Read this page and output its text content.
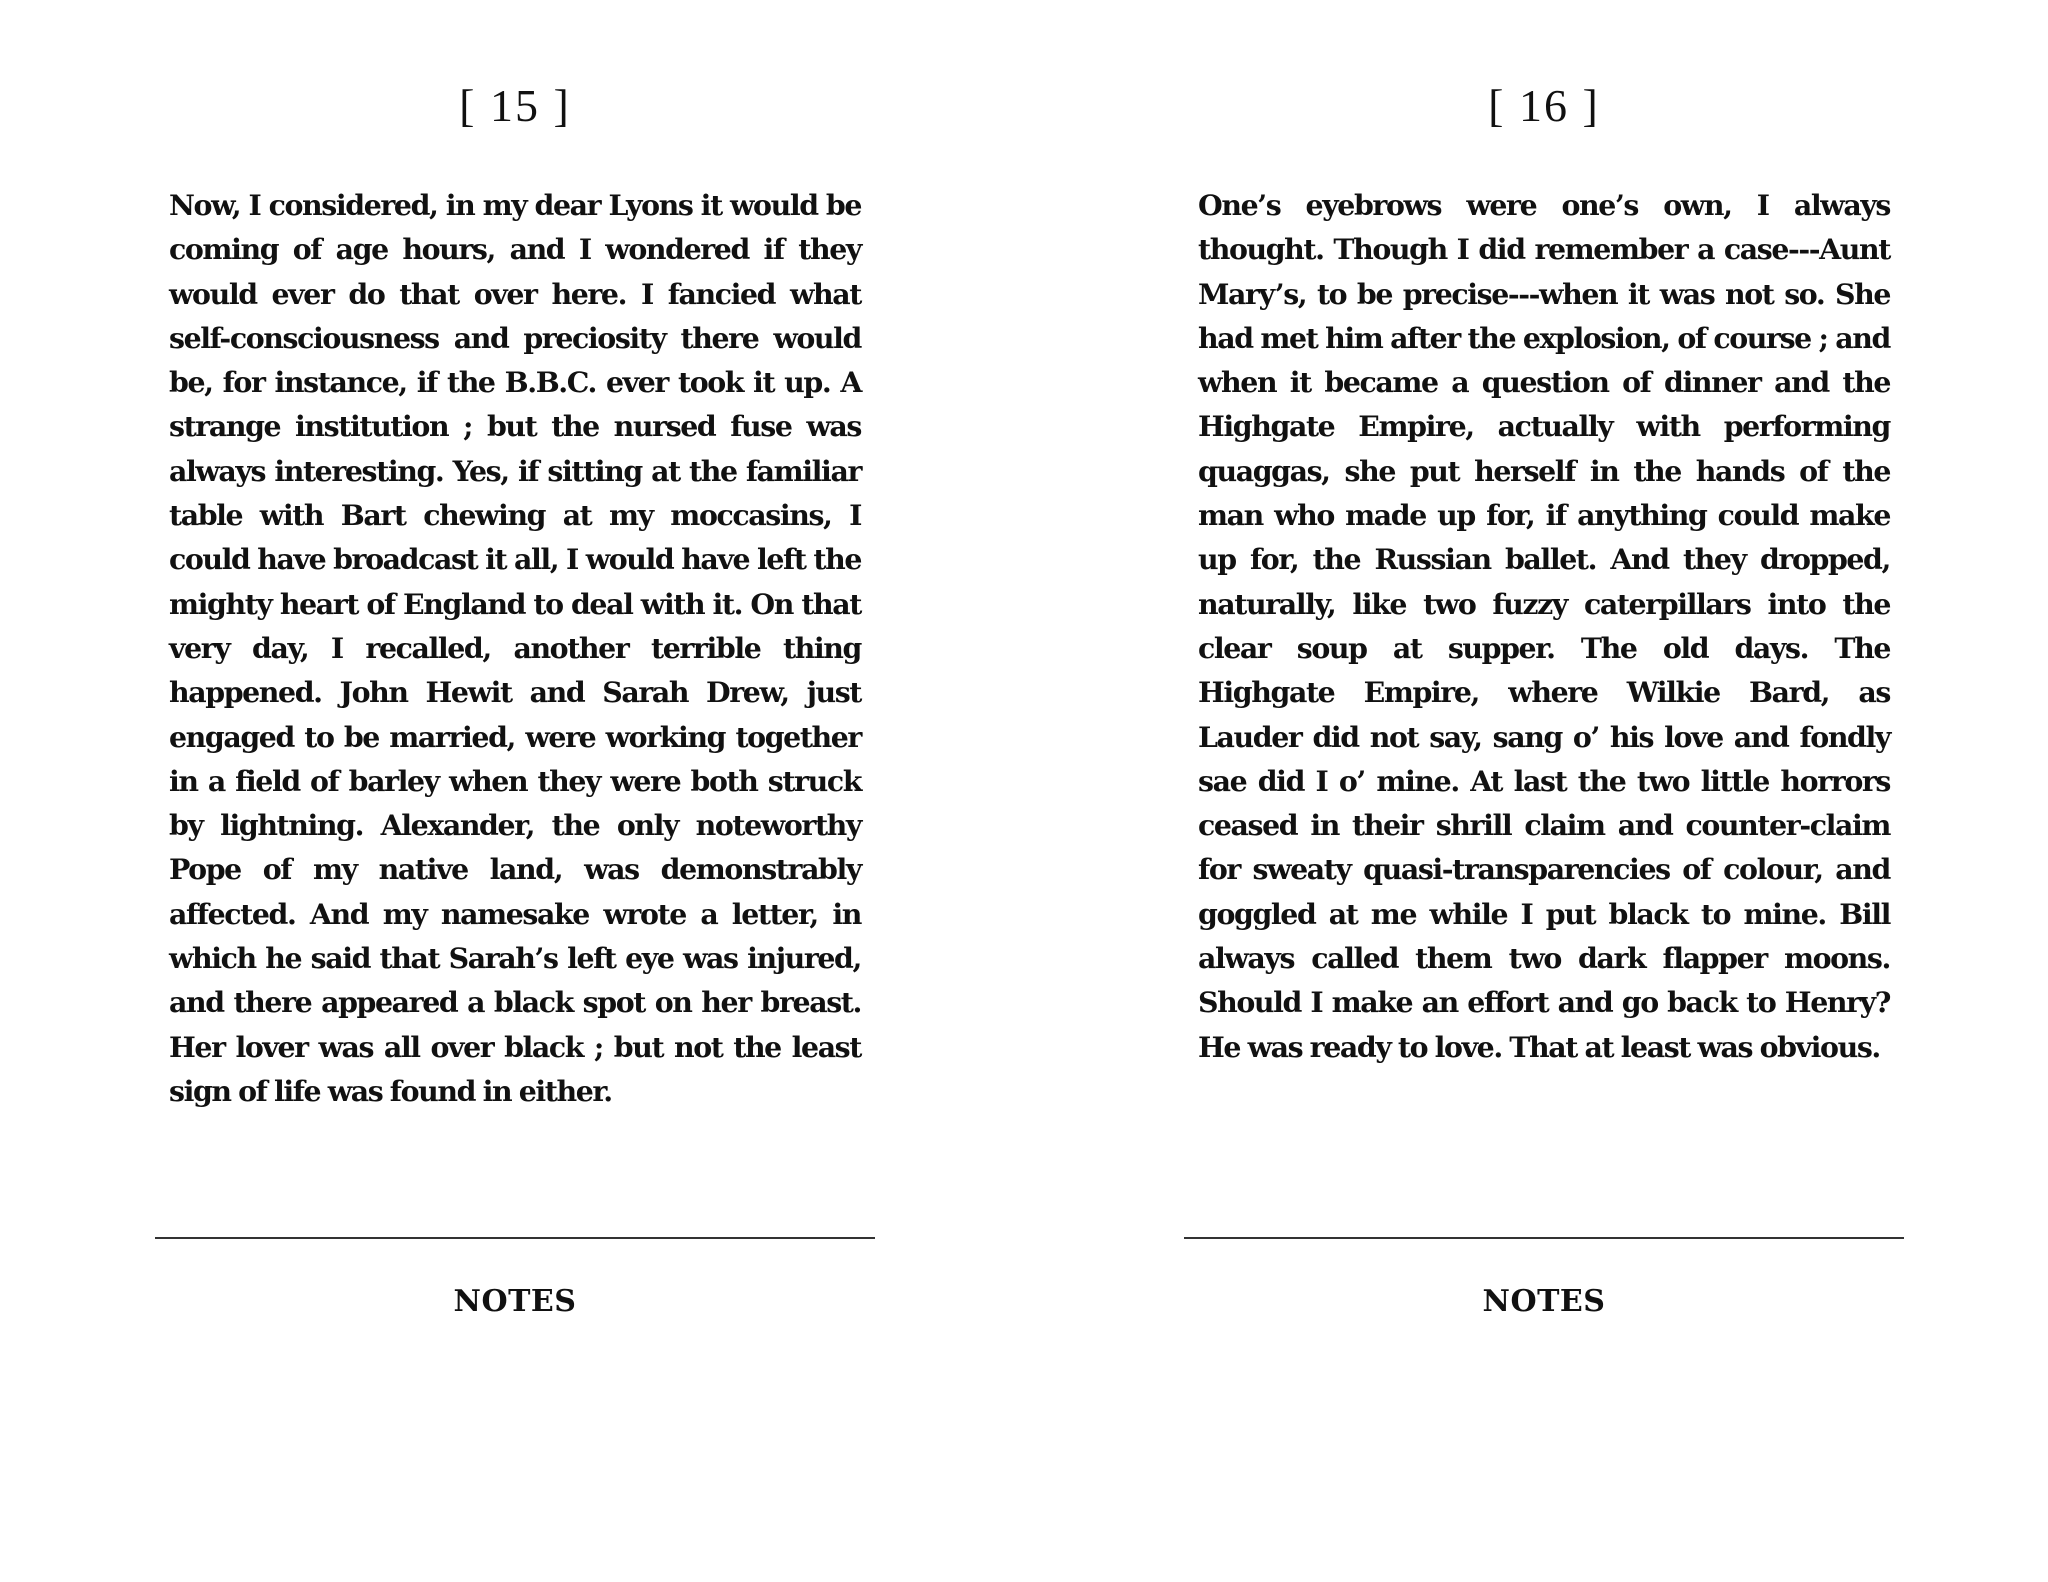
[ 15 ]

Now, I considered, in my dear Lyons it would be coming of age hours, and I wondered if they would ever do that over here. I fancied what self-consciousness and preciosity there would be, for instance, if the B.B.C. ever took it up. A strange institution ; but the nursed fuse was always interesting. Yes, if sitting at the familiar table with Bart chewing at my moccasins, I could have broadcast it all, I would have left the mighty heart of England to deal with it. On that very day, I recalled, another terrible thing happened. John Hewit and Sarah Drew, just engaged to be married, were working together in a field of barley when they were both struck by lightning. Alexander, the only noteworthy Pope of my native land, was demonstrably affected. And my namesake wrote a letter, in which he said that Sarah’s left eye was injured, and there appeared a black spot on her breast. Her lover was all over black ; but not the least sign of life was found in either.

NOTES
[ 16 ]

One’s eyebrows were one’s own, I always thought. Though I did remember a case---Aunt Mary’s, to be precise---when it was not so. She had met him after the explosion, of course ; and when it became a question of dinner and the Highgate Empire, actually with performing quaggas, she put herself in the hands of the man who made up for, if anything could make up for, the Russian ballet. And they dropped, naturally, like two fuzzy caterpillars into the clear soup at supper. The old days. The Highgate Empire, where Wilkie Bard, as Lauder did not say, sang o’ his love and fondly sae did I o’ mine. At last the two little horrors ceased in their shrill claim and counter-claim for sweaty quasi-transparencies of colour, and goggled at me while I put black to mine. Bill always called them two dark flapper moons. Should I make an effort and go back to Henry? He was ready to love. That at least was obvious.

NOTES
